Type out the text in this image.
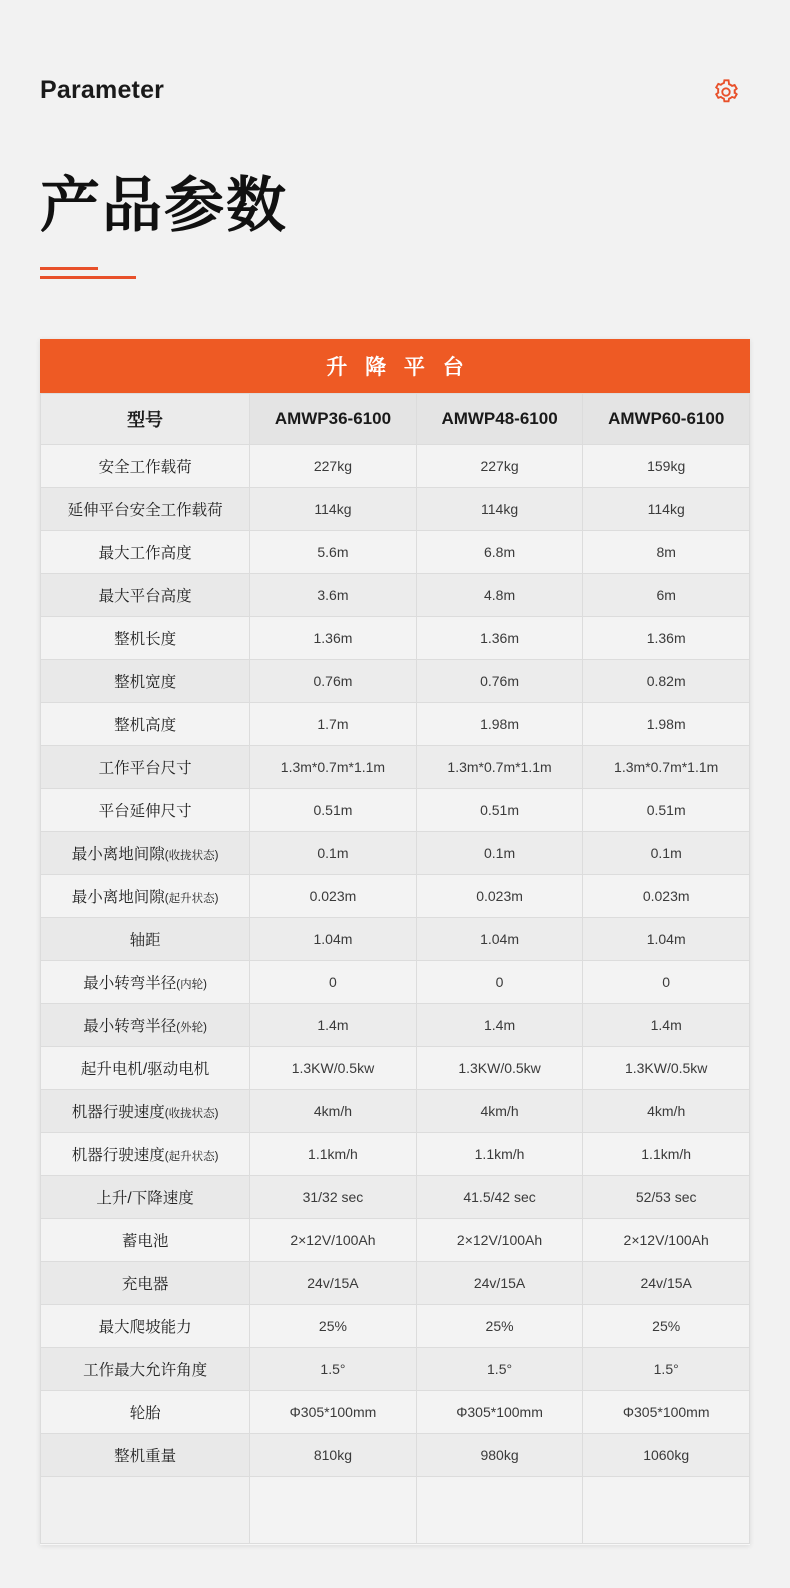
Parameter
产品参数
升 降 平 台
型号	AMWP36-6100	AMWP48-6100	AMWP60-6100
安全工作载荷	227kg	227kg	159kg
延伸平台安全工作载荷	114kg	114kg	114kg
最大工作高度	5.6m	6.8m	8m
最大平台高度	3.6m	4.8m	6m
整机长度	1.36m	1.36m	1.36m
整机宽度	0.76m	0.76m	0.82m
整机高度	1.7m	1.98m	1.98m
工作平台尺寸	1.3m*0.7m*1.1m	1.3m*0.7m*1.1m	1.3m*0.7m*1.1m
平台延伸尺寸	0.51m	0.51m	0.51m
最小离地间隙(收拢状态)	0.1m	0.1m	0.1m
最小离地间隙(起升状态)	0.023m	0.023m	0.023m
轴距	1.04m	1.04m	1.04m
最小转弯半径(内轮)	0	0	0
最小转弯半径(外轮)	1.4m	1.4m	1.4m
起升电机/驱动电机	1.3KW/0.5kw	1.3KW/0.5kw	1.3KW/0.5kw
机器行驶速度(收拢状态)	4km/h	4km/h	4km/h
机器行驶速度(起升状态)	1.1km/h	1.1km/h	1.1km/h
上升/下降速度	31/32 sec	41.5/42 sec	52/53 sec
蓄电池	2×12V/100Ah	2×12V/100Ah	2×12V/100Ah
充电器	24v/15A	24v/15A	24v/15A
最大爬坡能力	25%	25%	25%
工作最大允许角度	1.5°	1.5°	1.5°
轮胎	Φ305*100mm	Φ305*100mm	Φ305*100mm
整机重量	810kg	980kg	1060kg
